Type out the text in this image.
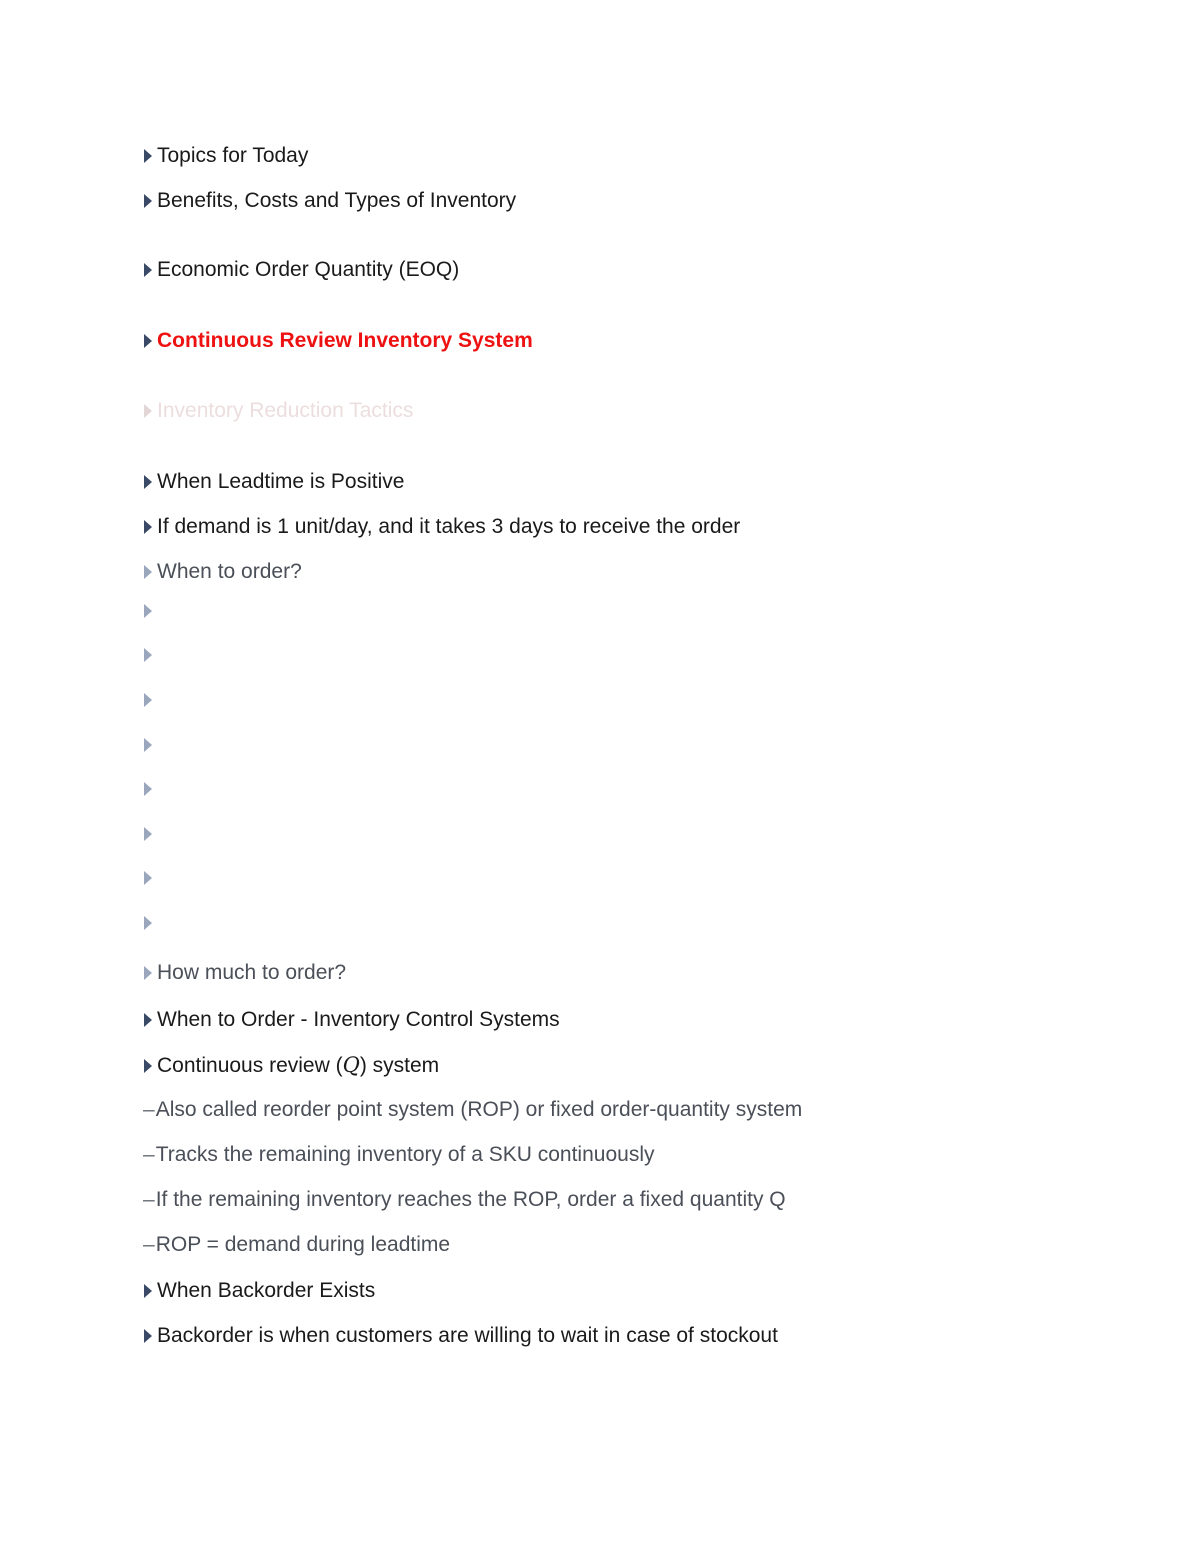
Topics for Today
Benefits, Costs and Types of Inventory
Economic Order Quantity (EOQ)
Continuous Review Inventory System
Inventory Reduction Tactics
When Leadtime is Positive
If demand is 1 unit/day, and it takes 3 days to receive the order
When to order?
How much to order?
When to Order - Inventory Control Systems
Continuous review (Q) system
– Also called reorder point system (ROP) or fixed order-quantity system
– Tracks the remaining inventory of a SKU continuously
– If the remaining inventory reaches the ROP, order a fixed quantity Q
– ROP = demand during leadtime
When Backorder Exists
Backorder is when customers are willing to wait in case of stockout
